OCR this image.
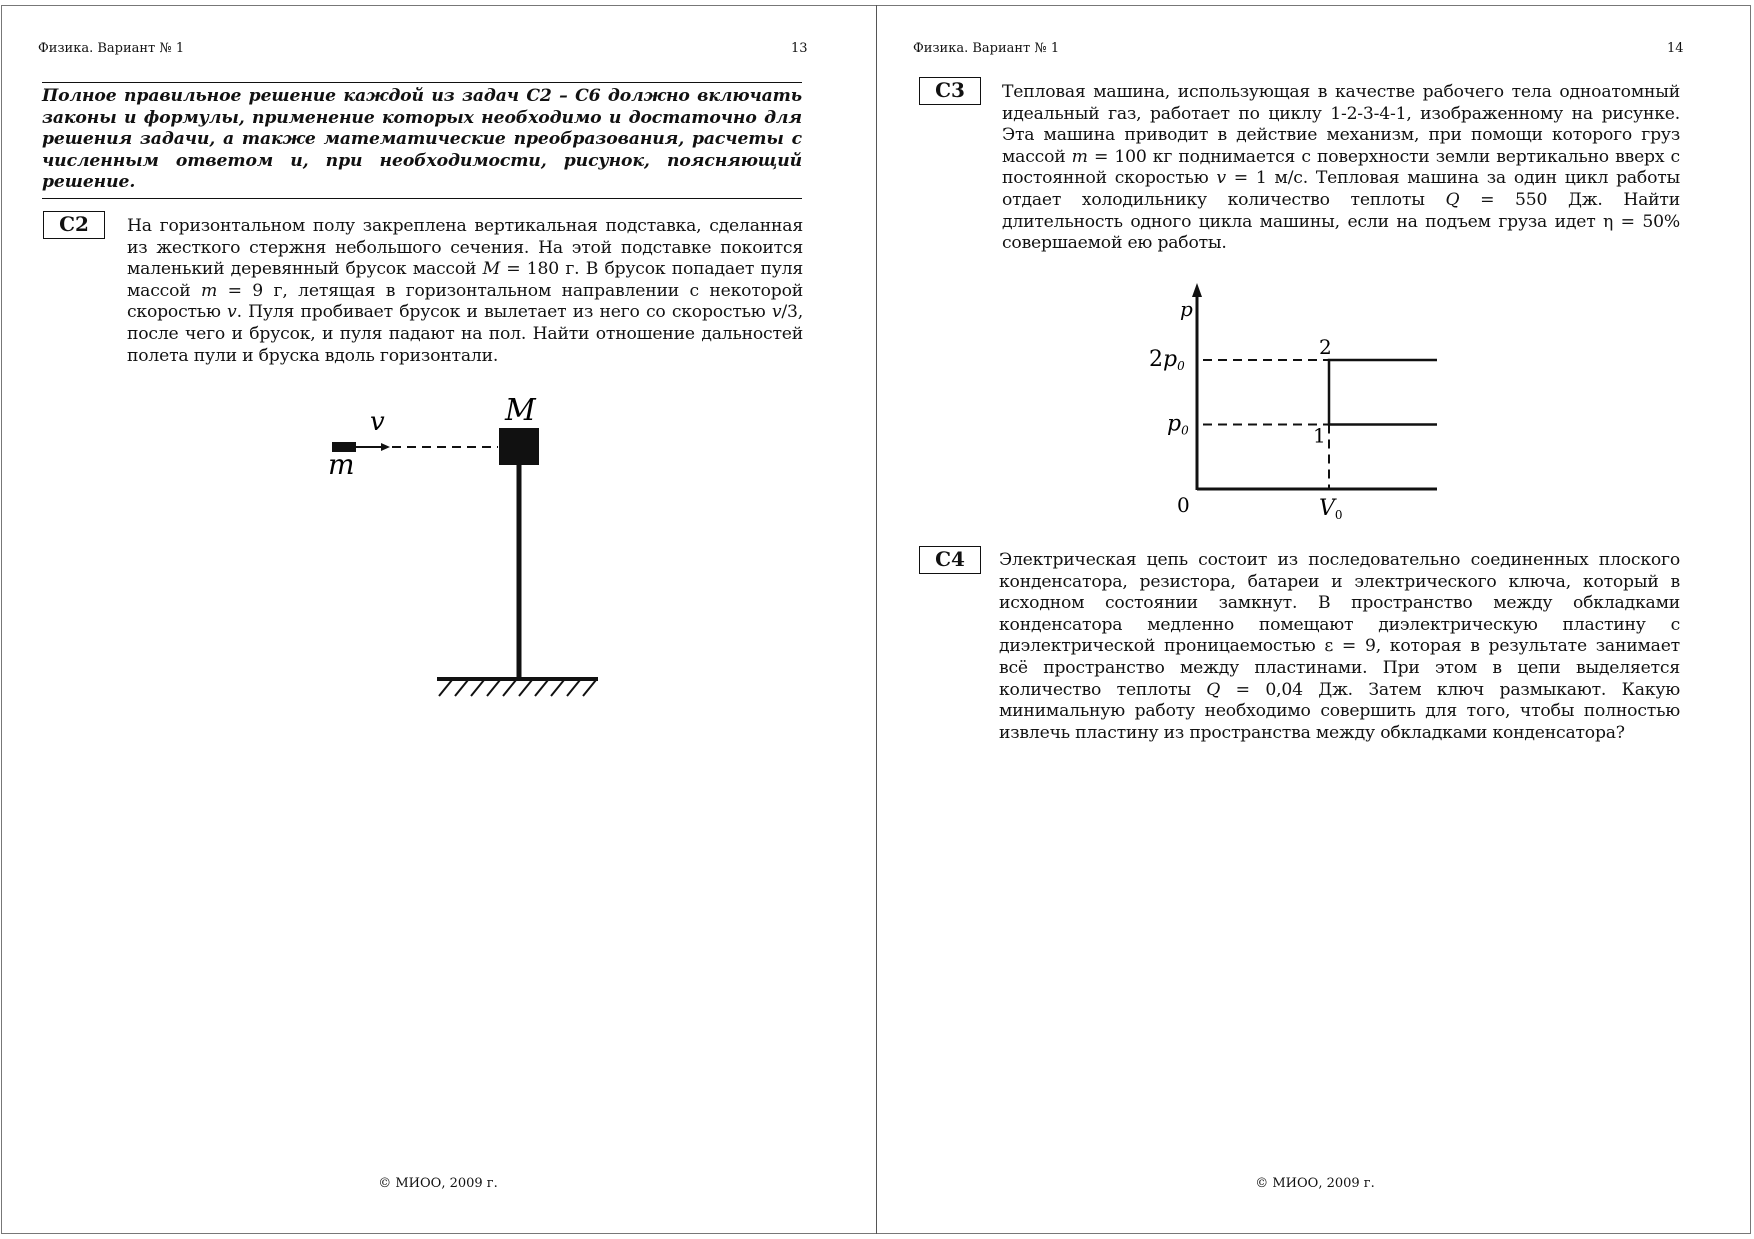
Физика. Вариант № 1	13
Полное правильное решение каждой из задач С2 – С6 должно включать законы и формулы, применение которых необходимо и достаточно для решения задачи, а также математические преобразования, расчеты с численным ответом и, при необходимости, рисунок, поясняющий решение.
С2	На горизонтальном полу закреплена вертикальная подставка, сделанная из жесткого стержня небольшого сечения. На этой подставке покоится маленький деревянный брусок массой M = 180 г. В брусок попадает пуля массой m = 9 г, летящая в горизонтальном направлении с некоторой скоростью v. Пуля пробивает брусок и вылетает из него со скоростью v/3, после чего и брусок, и пуля падают на пол. Найти отношение дальностей полета пули и бруска вдоль горизонтали.
M
v
m
© МИОО, 2009 г.
Физика. Вариант № 1	14
С3	Тепловая машина, использующая в качестве рабочего тела одноатомный идеальный газ, работает по циклу 1-2-3-4-1, изображенному на рисунке. Эта машина приводит в действие механизм, при помощи которого груз массой m = 100 кг поднимается с поверхности земли вертикально вверх с постоянной скоростью v = 1 м/с. Тепловая машина за один цикл работы отдает холодильнику количество теплоты Q = 550 Дж. Найти длительность одного цикла машины, если на подъем груза идет η = 50% совершаемой ею работы.
1
2
p
0
2p0
p0
V0
С4	Электрическая цепь состоит из последовательно соединенных плоского конденсатора, резистора, батареи и электрического ключа, который в исходном состоянии замкнут. В пространство между обкладками конденсатора медленно помещают диэлектрическую пластину с диэлектрической проницаемостью ε = 9, которая в результате занимает всё пространство между пластинами. При этом в цепи выделяется количество теплоты Q = 0,04 Дж. Затем ключ размыкают. Какую минимальную работу необходимо совершить для того, чтобы полностью извлечь пластину из пространства между обкладками конденсатора?
© МИОО, 2009 г.
